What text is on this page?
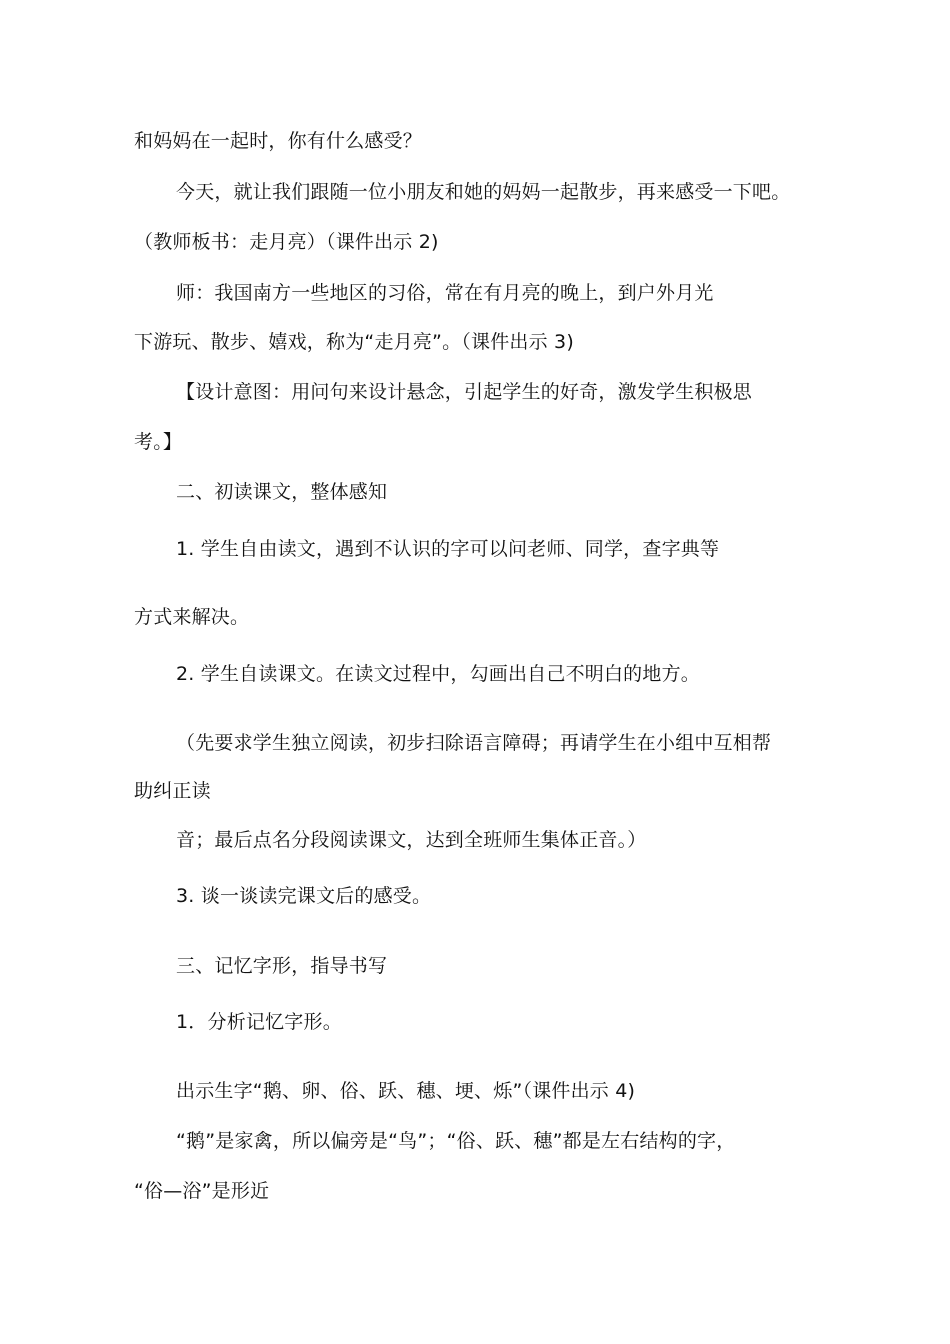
和妈妈在一起时，你有什么感受？
今天，就让我们跟随一位小朋友和她的妈妈一起散步，再来感受一下吧。
（教师板书：走月亮）（课件出示 2)
师：我国南方一些地区的习俗，常在有月亮的晚上，到户外月光
下游玩、散步、嬉戏，称为“走月亮”。（课件出示 3)
【设计意图：用问句来设计悬念，引起学生的好奇，激发学生积极思
考。】
二、初读课文，整体感知
1. 学生自由读文，遇到不认识的字可以问老师、同学，查字典等
方式来解决。
2. 学生自读课文。在读文过程中，勾画出自己不明白的地方。
（先要求学生独立阅读，初步扫除语言障碍；再请学生在小组中互相帮
助纠正读
音；最后点名分段阅读课文，达到全班师生集体正音。）
3. 谈一谈读完课文后的感受。
三、记忆字形，指导书写
1．分析记忆字形。
出示生字“鹅、卵、俗、跃、穗、埂、烁”（课件出示 4)
“鹅”是家禽，所以偏旁是“鸟”；“俗、跃、穗”都是左右结构的字，
“俗—浴”是形近
